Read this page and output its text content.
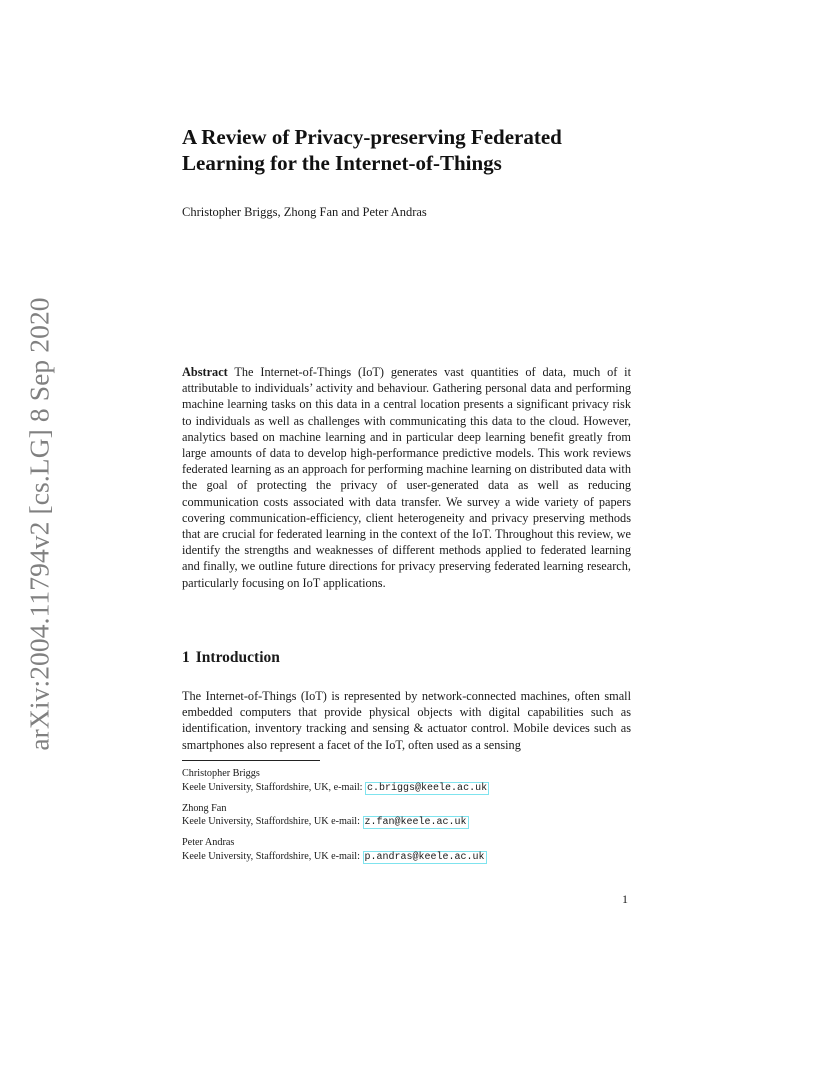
arXiv:2004.11794v2 [cs.LG] 8 Sep 2020
A Review of Privacy-preserving Federated Learning for the Internet-of-Things
Christopher Briggs, Zhong Fan and Peter Andras

Abstract The Internet-of-Things (IoT) generates vast quantities of data, much of it attributable to individuals’ activity and behaviour. Gathering personal data and performing machine learning tasks on this data in a central location presents a significant privacy risk to individuals as well as challenges with communicating this data to the cloud. However, analytics based on machine learning and in particular deep learning benefit greatly from large amounts of data to develop high-performance predictive models. This work reviews federated learning as an approach for performing machine learning on distributed data with the goal of protecting the privacy of user-generated data as well as reducing communication costs associated with data transfer. We survey a wide variety of papers covering communication-efficiency, client heterogeneity and privacy preserving methods that are crucial for federated learning in the context of the IoT. Throughout this review, we identify the strengths and weaknesses of different methods applied to federated learning and finally, we outline future directions for privacy preserving federated learning research, particularly focusing on IoT applications.

1 Introduction

The Internet-of-Things (IoT) is represented by network-connected machines, often small embedded computers that provide physical objects with digital capabilities such as identification, inventory tracking and sensing & actuator control. Mobile devices such as smartphones also represent a facet of the IoT, often used as a sensing

Christopher Briggs
Keele University, Staffordshire, UK, e-mail: c.briggs@keele.ac.uk
Zhong Fan
Keele University, Staffordshire, UK e-mail: z.fan@keele.ac.uk
Peter Andras
Keele University, Staffordshire, UK e-mail: p.andras@keele.ac.uk
1
